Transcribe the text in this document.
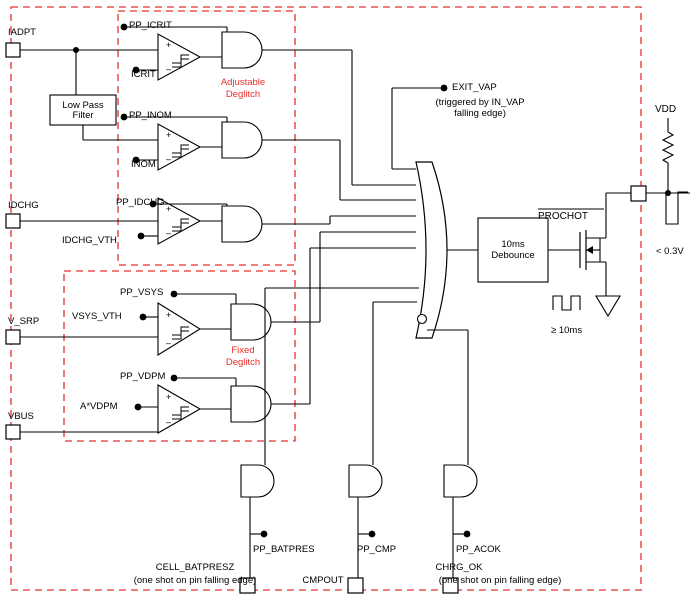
+
–
+
–
+
–
+
–
+
–
IADPT
IDCHG
V_SRP
VBUS
Low Pass
Filter
Adjustable
Deglitch
Fixed
Deglitch
PP_ICRIT
ICRIT
PP_INOM
INOM
PP_IDCHG
IDCHG_VTH
PP_VSYS
VSYS_VTH
PP_VDPM
A*VDPM
EXIT_VAP
(triggered by IN_VAP
falling edge)
10ms
Debounce
PROCHOT
≥ 10ms
VDD
< 0.3V
PP_BATPRES
CELL_BATPRESZ
(one shot on pin falling edge)
PP_CMP
CMPOUT
PP_ACOK
CHRG_OK
(one shot on pin falling edge)
